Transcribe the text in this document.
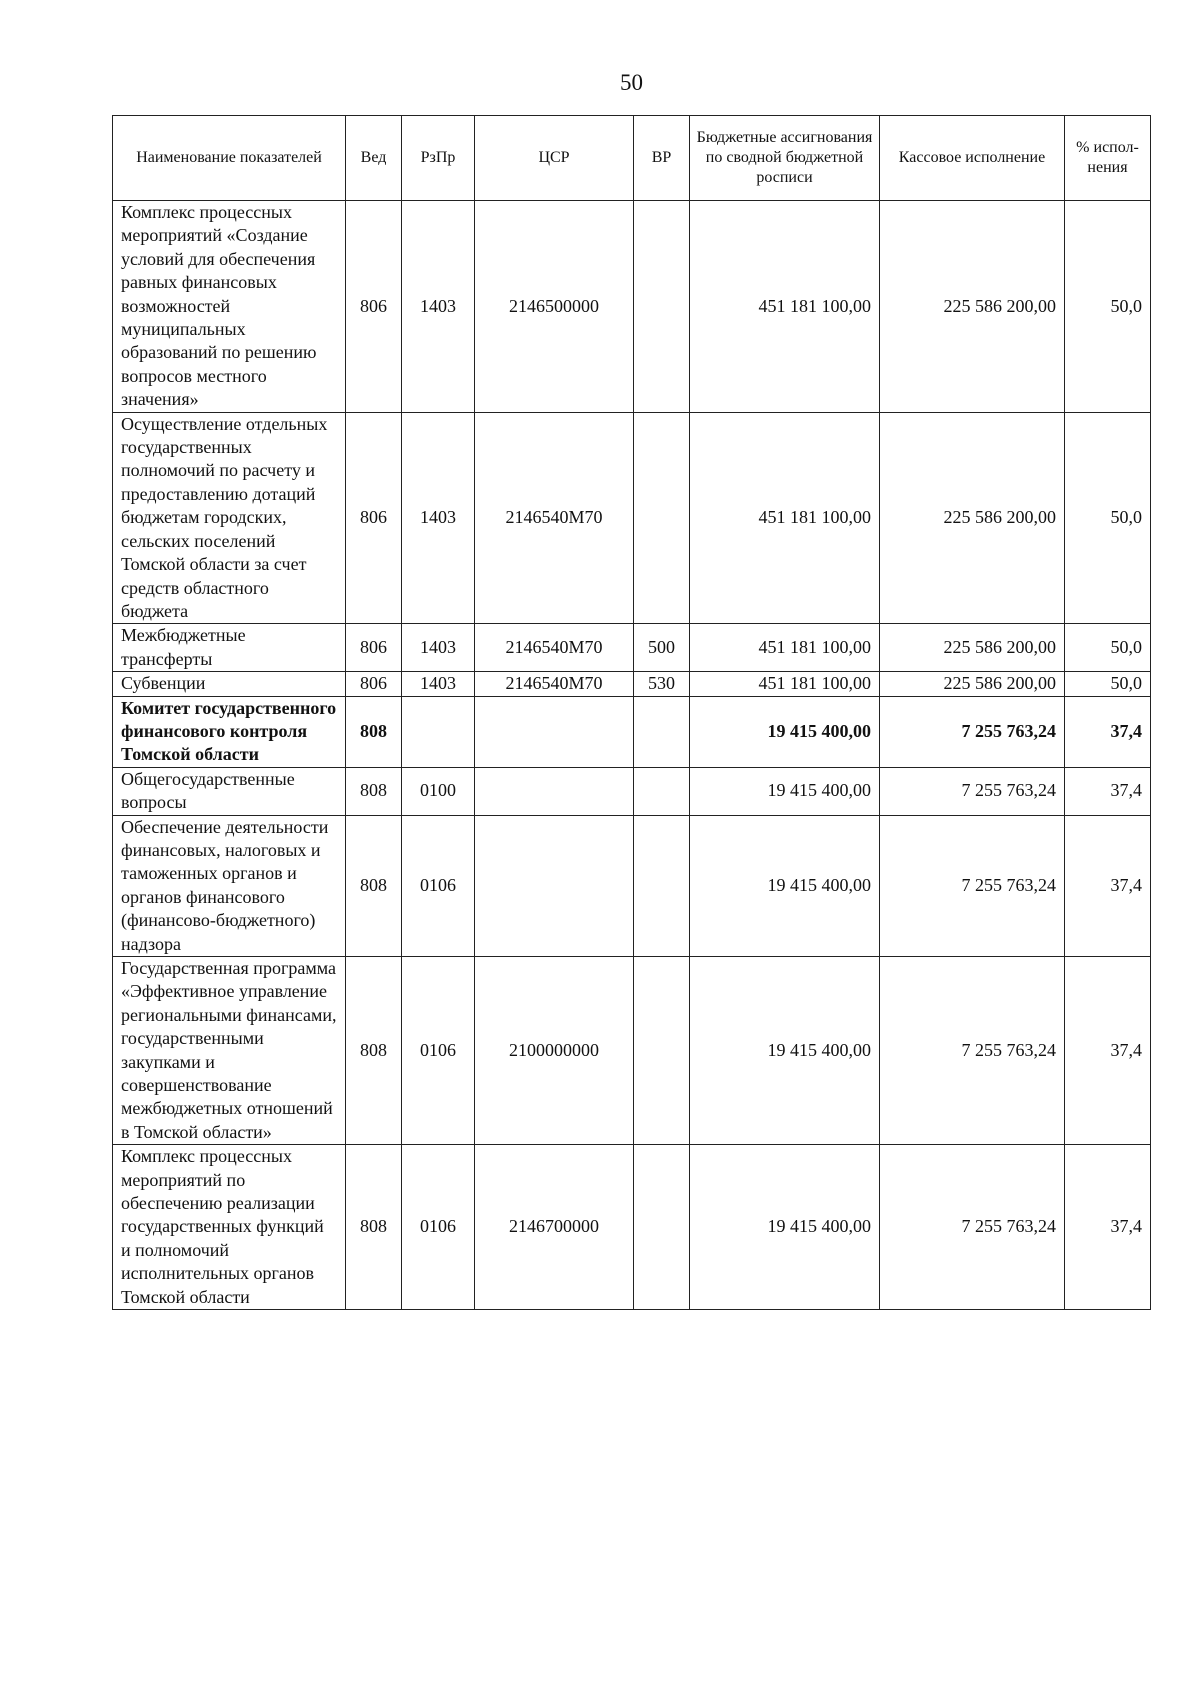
50
Наименование показателей	Вед	РзПр	ЦСР	ВР	Бюджетные ассигнования по сводной бюджетной росписи	Кассовое исполнение	% испол-нения
Комплекс процессных мероприятий «Создание условий для обеспечения равных финансовых возможностей муниципальных образований по решению вопросов местного значения»	806	1403	2146500000		451 181 100,00	225 586 200,00	50,0
Осуществление отдельных государственных полномочий по расчету и предоставлению дотаций бюджетам городских, сельских поселений Томской области за счет средств областного бюджета	806	1403	2146540М70		451 181 100,00	225 586 200,00	50,0
Межбюджетные трансферты	806	1403	2146540М70	500	451 181 100,00	225 586 200,00	50,0
Субвенции	806	1403	2146540М70	530	451 181 100,00	225 586 200,00	50,0
Комитет государственного финансового контроля Томской области	808				19 415 400,00	7 255 763,24	37,4
Общегосударственные вопросы	808	0100			19 415 400,00	7 255 763,24	37,4
Обеспечение деятельности финансовых, налоговых и таможенных органов и органов финансового (финансово-бюджетного) надзора	808	0106			19 415 400,00	7 255 763,24	37,4
Государственная программа «Эффективное управление региональными финансами, государственными закупками и совершенствование межбюджетных отношений в Томской области»	808	0106	2100000000		19 415 400,00	7 255 763,24	37,4
Комплекс процессных мероприятий по обеспечению реализации государственных функций и полномочий исполнительных органов Томской области	808	0106	2146700000		19 415 400,00	7 255 763,24	37,4
